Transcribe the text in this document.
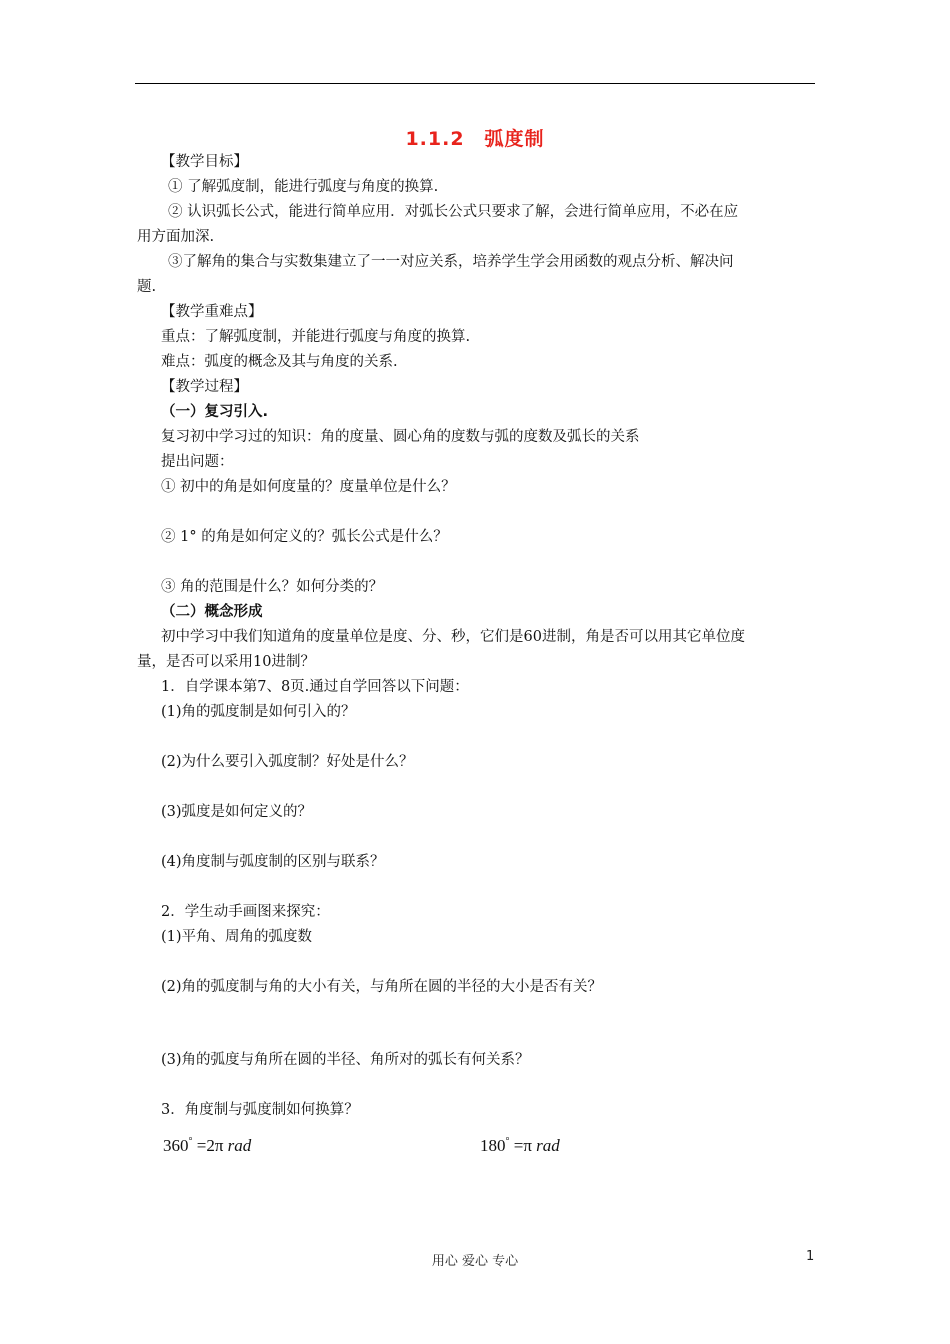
1.1.2　弧度制
【教学目标】
① 了解弧度制，能进行弧度与角度的换算.
② 认识弧长公式，能进行简单应用．对弧长公式只要求了解，会进行简单应用，不必在应
用方面加深.
③了解角的集合与实数集建立了一一对应关系，培养学生学会用函数的观点分析、解决问
题.
【教学重难点】
重点：了解弧度制，并能进行弧度与角度的换算.
难点：弧度的概念及其与角度的关系.
【教学过程】
（一）复习引入.
复习初中学习过的知识：角的度量、圆心角的度数与弧的度数及弧长的关系
提出问题：
① 初中的角是如何度量的？度量单位是什么？
② 1° 的角是如何定义的？弧长公式是什么？
③ 角的范围是什么？如何分类的？
（二）概念形成
初中学习中我们知道角的度量单位是度、分、秒，它们是60进制，角是否可以用其它单位度
量，是否可以采用10进制？
1．自学课本第7、8页.通过自学回答以下问题：
(1)角的弧度制是如何引入的？
(2)为什么要引入弧度制？好处是什么？
(3)弧度是如何定义的？
(4)角度制与弧度制的区别与联系？
2．学生动手画图来探究：
(1)平角、周角的弧度数
(2)角的弧度制与角的大小有关，与角所在圆的半径的大小是否有关？
(3)角的弧度与角所在圆的半径、角所对的弧长有何关系？
3．角度制与弧度制如何换算？
360° =2π rad	180° =π rad
用心 爱心 专心	1
